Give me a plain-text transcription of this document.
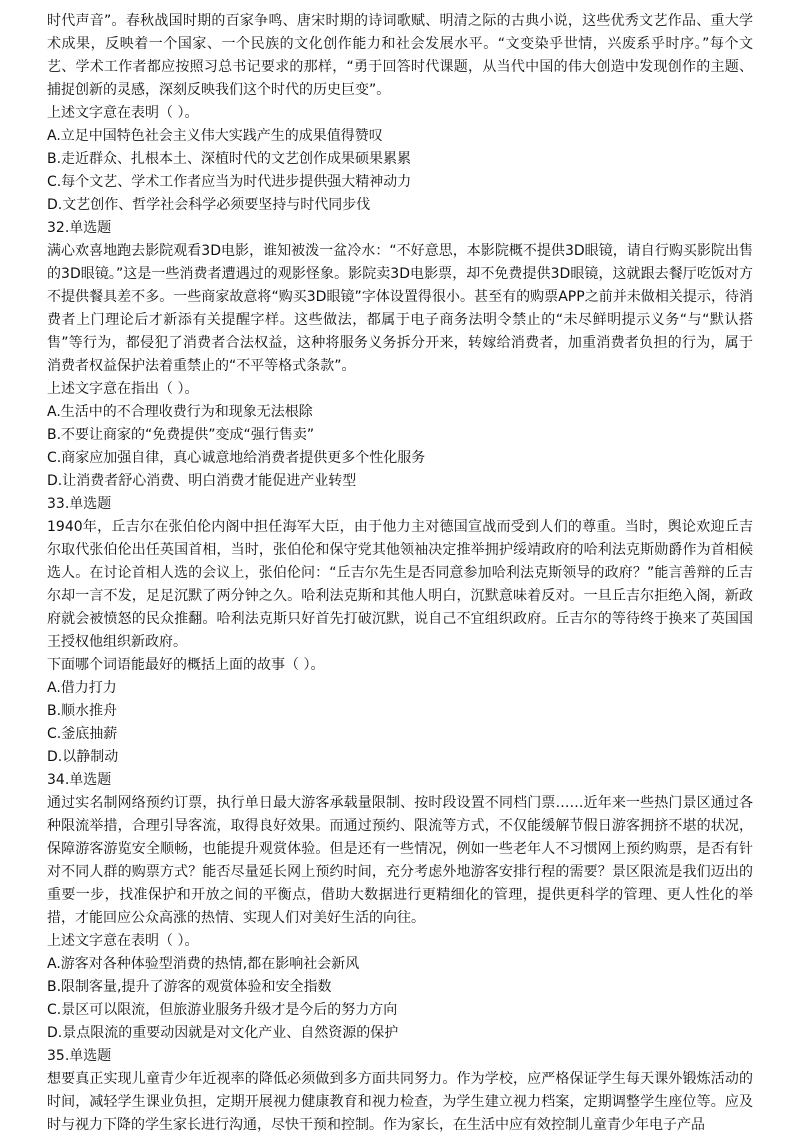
时代声音”。春秋战国时期的百家争鸣、唐宋时期的诗词歌赋、明清之际的古典小说，这些优秀文艺作品、重大学术成果，反映着一个国家、一个民族的文化创作能力和社会发展水平。“文变染乎世情，兴废系乎时序。”每个文艺、学术工作者都应按照习总书记要求的那样，“勇于回答时代课题，从当代中国的伟大创造中发现创作的主题、捕捉创新的灵感，深刻反映我们这个时代的历史巨变”。

上述文字意在表明（ ）。

A.立足中国特色社会主义伟大实践产生的成果值得赞叹

B.走近群众、扎根本土、深植时代的文艺创作成果硕果累累

C.每个文艺、学术工作者应当为时代进步提供强大精神动力

D.文艺创作、哲学社会科学必须要坚持与时代同步伐

32.单选题

满心欢喜地跑去影院观看3D电影，谁知被泼一盆冷水：“不好意思，本影院概不提供3D眼镜，请自行购买影院出售的3D眼镜。”这是一些消费者遭遇过的观影怪象。影院卖3D电影票，却不免费提供3D眼镜，这就跟去餐厅吃饭对方不提供餐具差不多。一些商家故意将“购买3D眼镜”字体设置得很小。甚至有的购票APP之前并未做相关提示，待消费者上门理论后才新添有关提醒字样。这些做法，都属于电子商务法明令禁止的“未尽鲜明提示义务“与“默认搭售”等行为，都侵犯了消费者合法权益，这种将服务义务拆分开来，转嫁给消费者，加重消费者负担的行为，属于消费者权益保护法着重禁止的“不平等格式条款”。

上述文字意在指出（ ）。

A.生活中的不合理收费行为和现象无法根除

B.不要让商家的“免费提供”变成“强行售卖”

C.商家应加强自律，真心诚意地给消费者提供更多个性化服务

D.让消费者舒心消费、明白消费才能促进产业转型

33.单选题

1940年，丘吉尔在张伯伦内阁中担任海军大臣，由于他力主对德国宣战而受到人们的尊重。当时，舆论欢迎丘吉尔取代张伯伦出任英国首相，当时，张伯伦和保守党其他领袖决定推举拥护绥靖政府的哈利法克斯勋爵作为首相候选人。在讨论首相人选的会议上，张伯伦问：“丘吉尔先生是否同意参加哈利法克斯领导的政府？”能言善辩的丘吉尔却一言不发，足足沉默了两分钟之久。哈利法克斯和其他人明白，沉默意味着反对。一旦丘吉尔拒绝入阁，新政府就会被愤怒的民众推翻。哈利法克斯只好首先打破沉默，说自己不宜组织政府。丘吉尔的等待终于换来了英国国王授权他组织新政府。

下面哪个词语能最好的概括上面的故事（ ）。

A.借力打力

B.顺水推舟

C.釜底抽薪

D.以静制动

34.单选题

通过实名制网络预约订票，执行单日最大游客承载量限制、按时段设置不同档门票……近年来一些热门景区通过各种限流举措，合理引导客流，取得良好效果。而通过预约、限流等方式，不仅能缓解节假日游客拥挤不堪的状况，保障游客游览安全顺畅，也能提升观赏体验。但是还有一些情况，例如一些老年人不习惯网上预约购票，是否有针对不同人群的购票方式？能否尽量延长网上预约时间，充分考虑外地游客安排行程的需要？景区限流是我们迈出的重要一步，找准保护和开放之间的平衡点，借助大数据进行更精细化的管理，提供更科学的管理、更人性化的举措，才能回应公众高涨的热情、实现人们对美好生活的向往。

上述文字意在表明（ ）。

A.游客对各种体验型消费的热情,都在影响社会新风

B.限制客量,提升了游客的观赏体验和安全指数

C.景区可以限流，但旅游业服务升级才是今后的努力方向

D.景点限流的重要动因就是对文化产业、自然资源的保护

35.单选题

想要真正实现儿童青少年近视率的降低必须做到多方面共同努力。作为学校，应严格保证学生每天课外锻炼活动的时间，减轻学生课业负担，定期开展视力健康教育和视力检查，为学生建立视力档案，定期调整学生座位等。应及时与视力下降的学生家长进行沟通，尽快干预和控制。作为家长，在生活中应有效控制儿童青少年电子产品
